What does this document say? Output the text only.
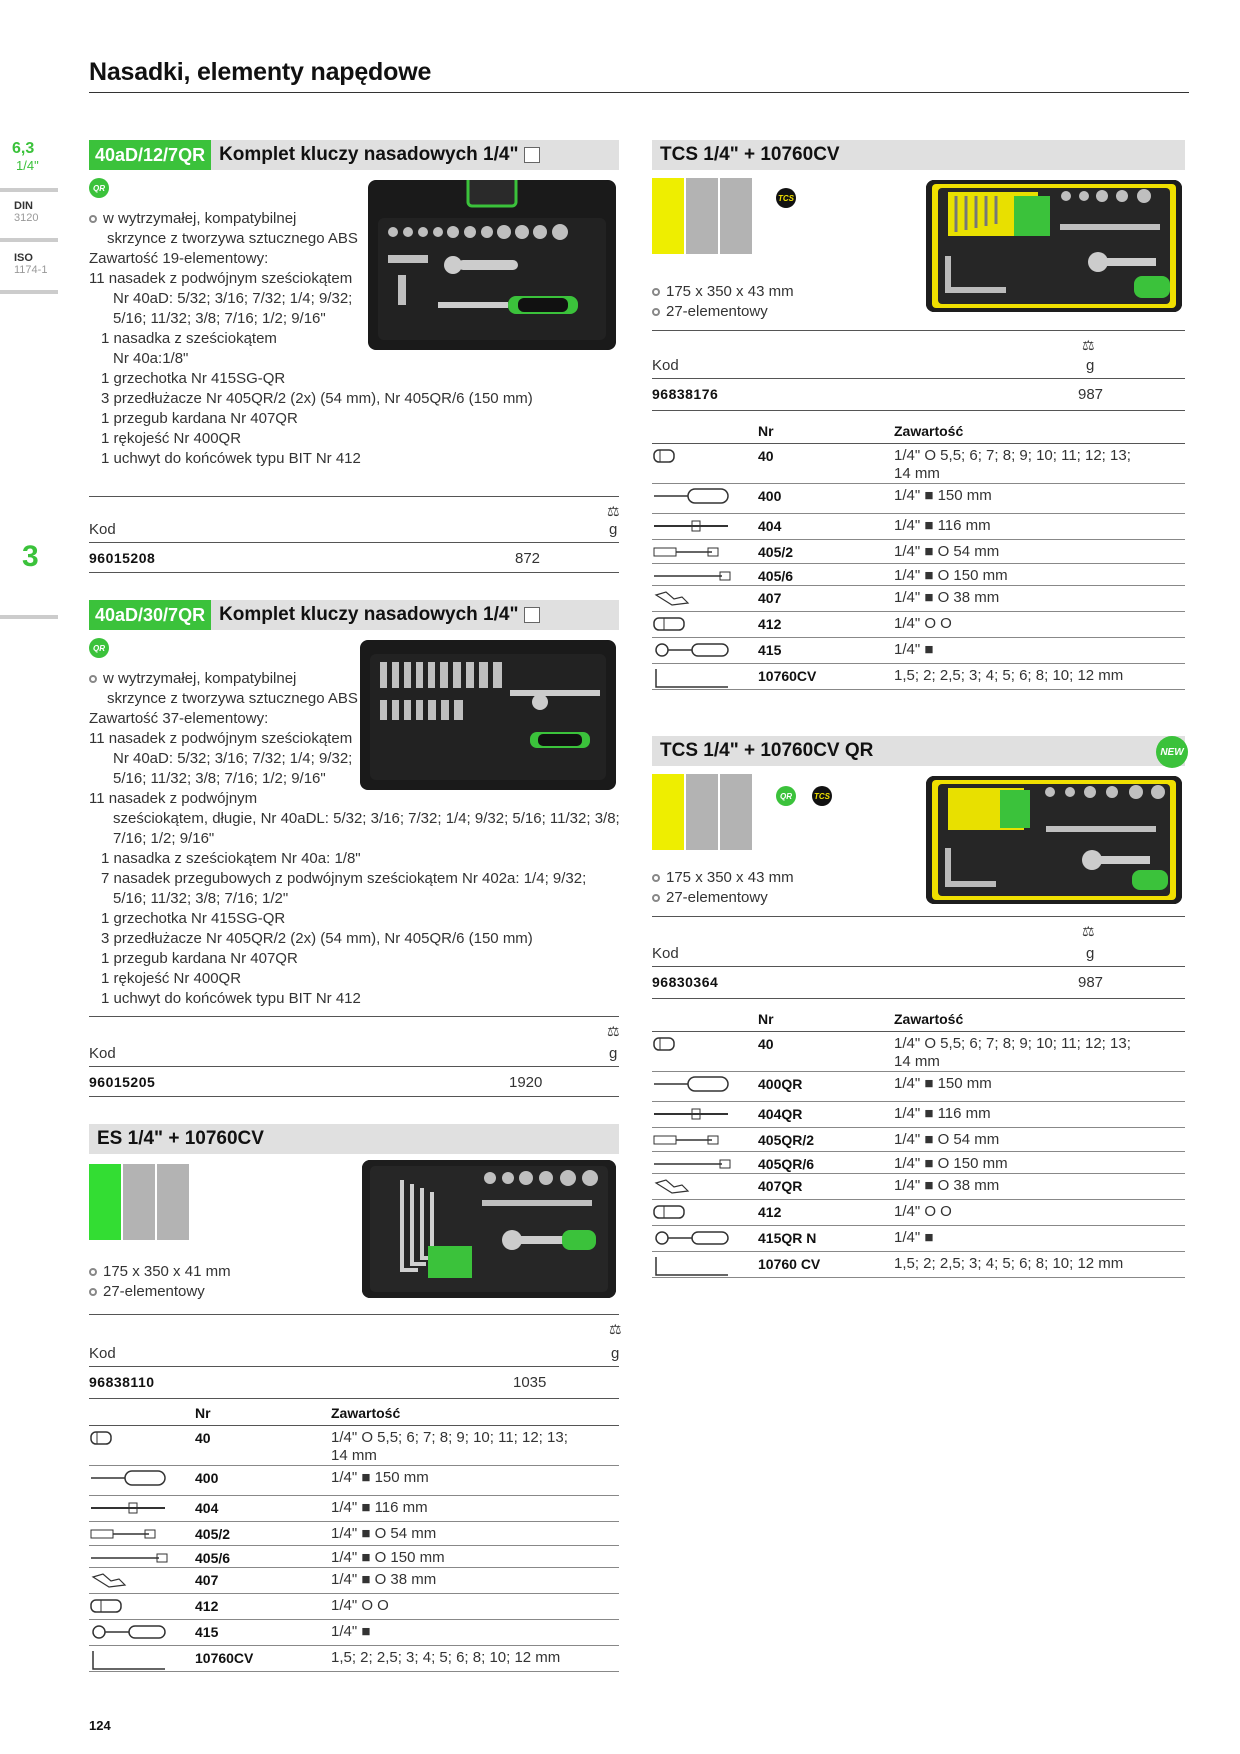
Nasadki, elementy napędowe
6,3
1/4"
DIN
3120
ISO
1174-1
3
40aD/12/7QR Komplet kluczy nasadowych 1/4"
QR
w wytrzymałej, kompatybilnej
skrzynce z tworzywa sztucznego ABS
Zawartość 19-elementowy:
11 nasadek z podwójnym sześciokątem
Nr 40aD: 5/32; 3/16; 7/32; 1/4; 9/32;
5/16; 11/32; 3/8; 7/16; 1/2; 9/16"
1 nasadka z sześciokątem
Nr 40a:1/8"
1 grzechotka Nr 415SG-QR
3 przedłużacze Nr 405QR/2 (2x) (54 mm), Nr 405QR/6 (150 mm)
1 przegub kardana Nr 407QR
1 rękojeść Nr 400QR
1 uchwyt do końcówek typu BIT Nr 412
⚖
Kod	g
96015208	872
40aD/30/7QR Komplet kluczy nasadowych 1/4"
QR
w wytrzymałej, kompatybilnej
skrzynce z tworzywa sztucznego ABS
Zawartość 37-elementowy:
11 nasadek z podwójnym sześciokątem
Nr 40aD: 5/32; 3/16; 7/32; 1/4; 9/32;
5/16; 11/32; 3/8; 7/16; 1/2; 9/16"
11 nasadek z podwójnym
sześciokątem, długie, Nr 40aDL: 5/32; 3/16; 7/32; 1/4; 9/32; 5/16; 11/32; 3/8;
7/16; 1/2; 9/16"
1 nasadka z sześciokątem Nr 40a: 1/8"
7 nasadek przegubowych z podwójnym sześciokątem Nr 402a: 1/4; 9/32;
5/16; 11/32; 3/8; 7/16; 1/2"
1 grzechotka Nr 415SG-QR
3 przedłużacze Nr 405QR/2 (2x) (54 mm), Nr 405QR/6 (150 mm)
1 przegub kardana Nr 407QR
1 rękojeść Nr 400QR
1 uchwyt do końcówek typu BIT Nr 412
⚖
Kod	g
96015205	1920
ES 1/4" + 10760CV
175 x 350 x 41 mm
27-elementowy
⚖
Kod	g
96838110	1035
Nr	Zawartość
40	1/4" O 5,5; 6; 7; 8; 9; 10; 11; 12; 13;
14 mm
400	1/4" ■ 150 mm
404	1/4" ■ 116 mm
405/2	1/4" ■ O 54 mm
405/6	1/4" ■ O 150 mm
407	1/4" ■ O 38 mm
412	1/4" O O
415	1/4" ■
10760CV	1,5; 2; 2,5; 3; 4; 5; 6; 8; 10; 12 mm
TCS 1/4" + 10760CV
TCS
175 x 350 x 43 mm
27-elementowy
⚖
Kod	g
96838176	987
Nr	Zawartość
40	1/4" O 5,5; 6; 7; 8; 9; 10; 11; 12; 13;
14 mm
400	1/4" ■ 150 mm
404	1/4" ■ 116 mm
405/2	1/4" ■ O 54 mm
405/6	1/4" ■ O 150 mm
407	1/4" ■ O 38 mm
412	1/4" O O
415	1/4" ■
10760CV	1,5; 2; 2,5; 3; 4; 5; 6; 8; 10; 12 mm
TCS 1/4" + 10760CV QR	NEW
QR	TCS
175 x 350 x 43 mm
27-elementowy
⚖
Kod	g
96830364	987
Nr	Zawartość
40	1/4" O 5,5; 6; 7; 8; 9; 10; 11; 12; 13;
14 mm
400QR	1/4" ■ 150 mm
404QR	1/4" ■ 116 mm
405QR/2	1/4" ■ O 54 mm
405QR/6	1/4" ■ O 150 mm
407QR	1/4" ■ O 38 mm
412	1/4" O O
415QR N	1/4" ■
10760 CV	1,5; 2; 2,5; 3; 4; 5; 6; 8; 10; 12 mm
124
